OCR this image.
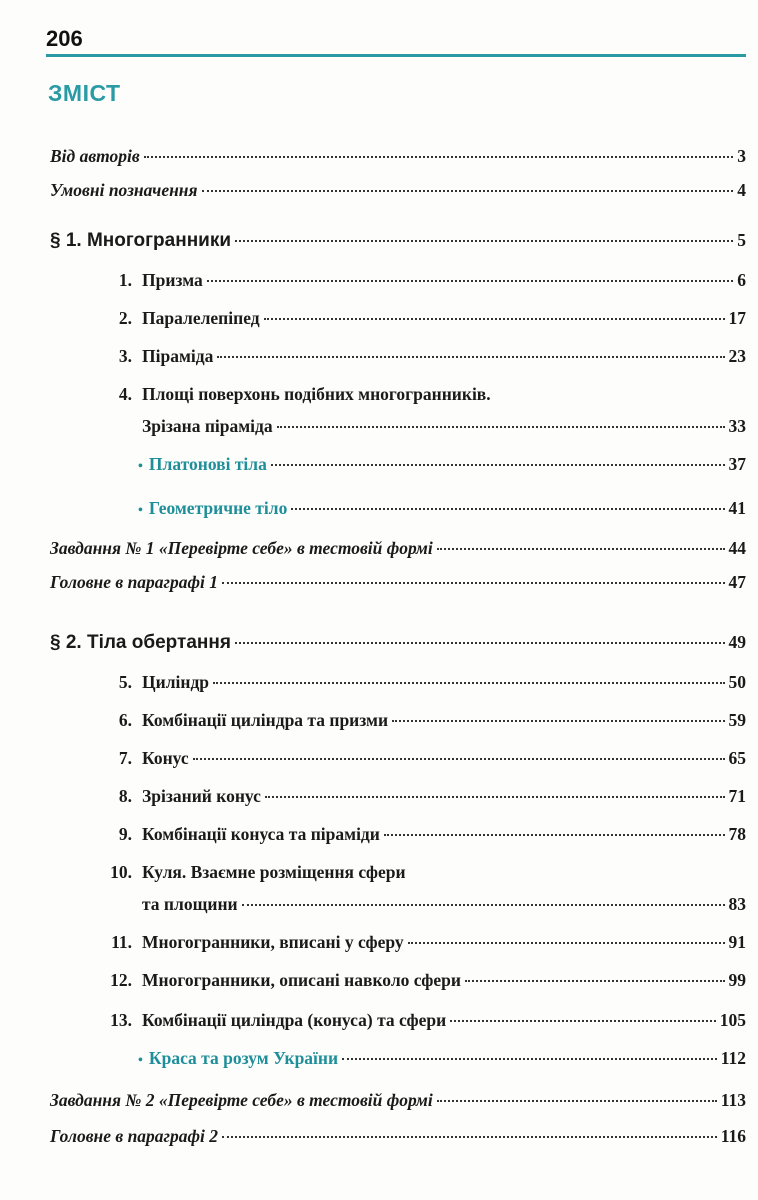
206
ЗМІСТ
Від авторів	3
Умовні позначення	4
§ 1. Многогранники	5
1. Призма	6
2. Паралелепіпед	17
3. Піраміда	23
4. Площі поверхонь подібних многогранників.
Зрізана піраміда	33
• Платонові тіла	37
• Геометричне тіло	41
Завдання № 1 «Перевірте себе» в тестовій формі	44
Головне в параграфі 1	47
§ 2. Тіла обертання	49
5. Циліндр	50
6. Комбінації циліндра та призми	59
7. Конус	65
8. Зрізаний конус	71
9. Комбінації конуса та піраміди	78
10. Куля. Взаємне розміщення сфери
та площини	83
11. Многогранники, вписані у сферу	91
12. Многогранники, описані навколо сфери	99
13. Комбінації циліндра (конуса) та сфери	105
• Краса та розум України	112
Завдання № 2 «Перевірте себе» в тестовій формі	113
Головне в параграфі 2	116
